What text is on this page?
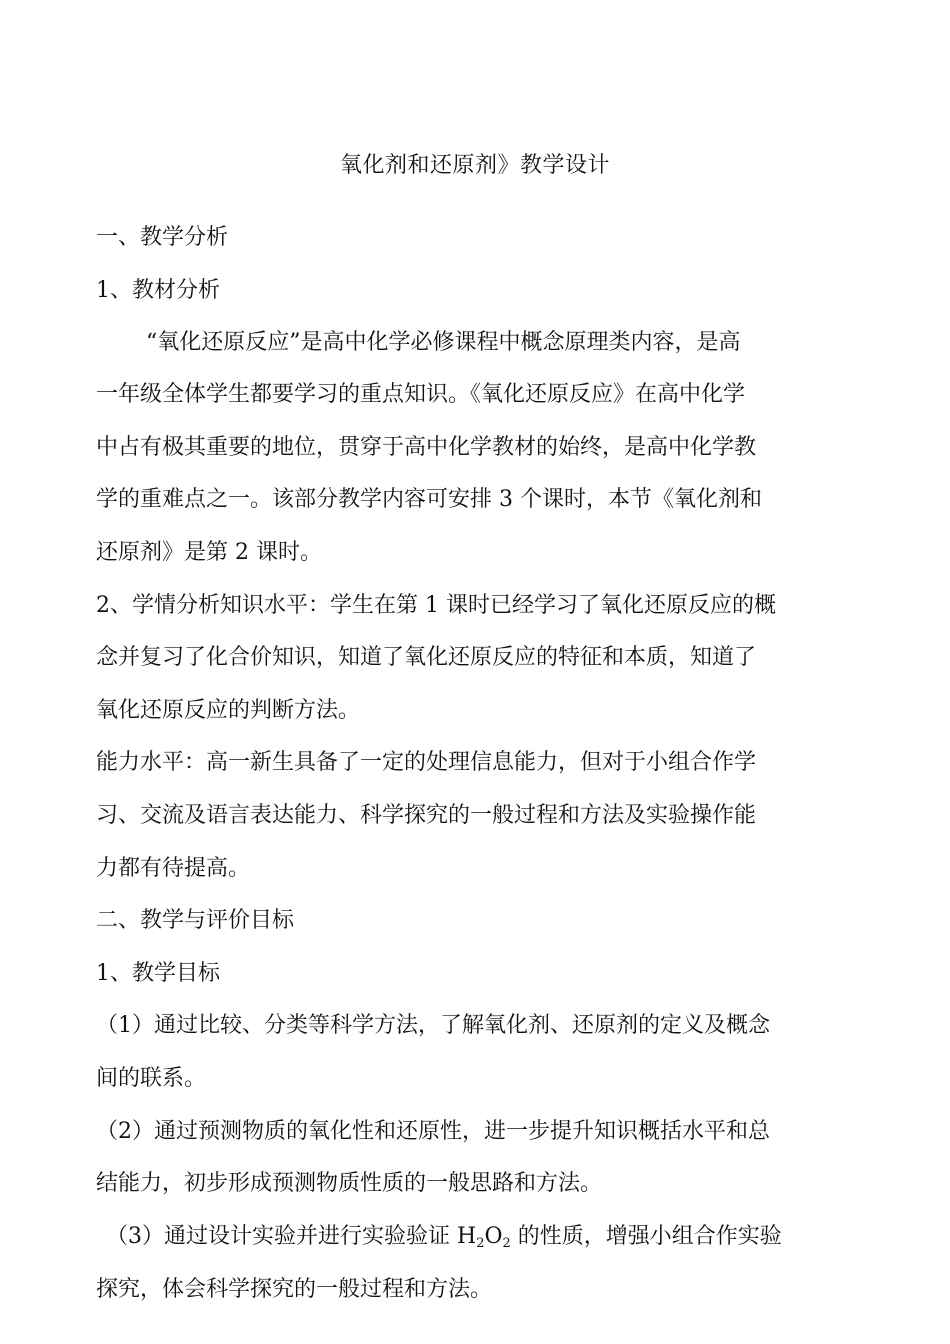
氧化剂和还原剂》教学设计
一、教学分析
1、教材分析
“氧化还原反应”是高中化学必修课程中概念原理类内容，是高
一年级全体学生都要学习的重点知识。《氧化还原反应》在高中化学
中占有极其重要的地位，贯穿于高中化学教材的始终，是高中化学教
学的重难点之一。该部分教学内容可安排 3 个课时，本节《氧化剂和
还原剂》是第 2 课时。
2、学情分析知识水平：学生在第 1 课时已经学习了氧化还原反应的概
念并复习了化合价知识，知道了氧化还原反应的特征和本质，知道了
氧化还原反应的判断方法。
能力水平：高一新生具备了一定的处理信息能力，但对于小组合作学
习、交流及语言表达能力、科学探究的一般过程和方法及实验操作能
力都有待提高。
二、教学与评价目标
1、教学目标
（1）通过比较、分类等科学方法，了解氧化剂、还原剂的定义及概念
间的联系。
（2）通过预测物质的氧化性和还原性，进一步提升知识概括水平和总
结能力，初步形成预测物质性质的一般思路和方法。
（3）通过设计实验并进行实验验证 $H_2O_2$ 的性质，增强小组合作实验
探究，体会科学探究的一般过程和方法。
